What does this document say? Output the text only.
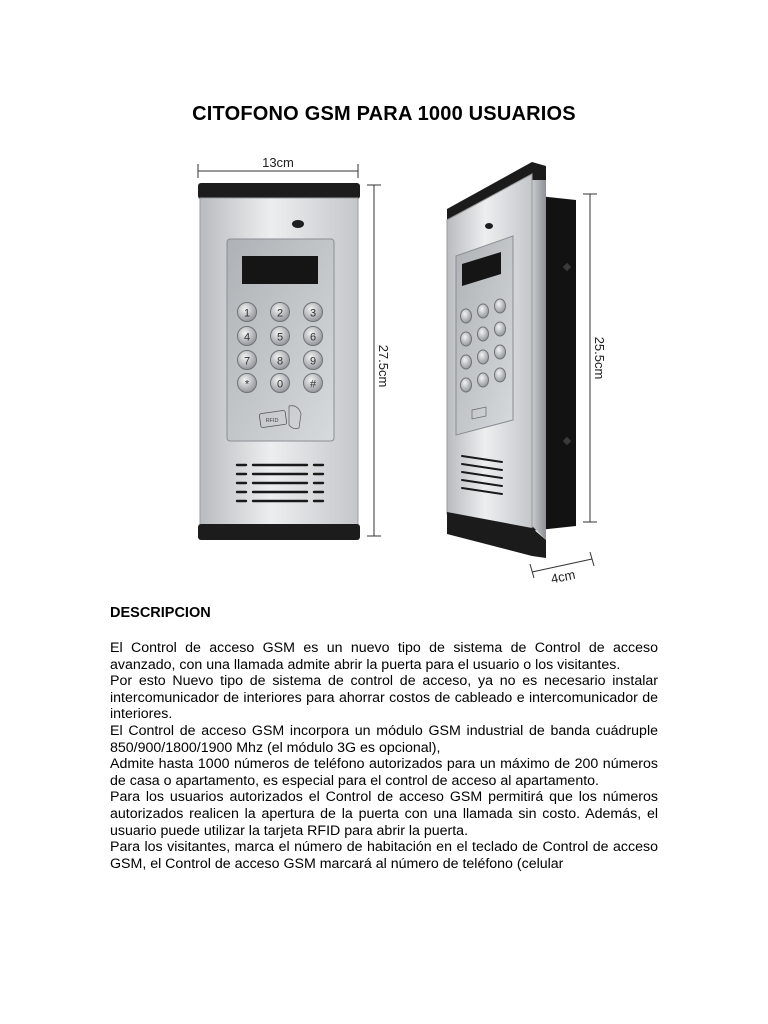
CITOFONO GSM PARA 1000 USUARIOS
13cm
1 2 3
4 5 6
7 8 9
*	0 #
RFID
27.5cm	25.5cm
4cm
DESCRIPCION

El Control de acceso GSM es un nuevo tipo de sistema de Control de acceso avanzado, con una llamada admite abrir la puerta para el usuario o los visitantes.

Por esto Nuevo tipo de sistema de control de acceso, ya no es necesario instalar intercomunicador de interiores para ahorrar costos de cableado e intercomunicador de interiores.

El Control de acceso GSM incorpora un módulo GSM industrial de banda cuádruple 850/900/1800/1900 Mhz (el módulo 3G es opcional),

Admite hasta 1000 números de teléfono autorizados para un máximo de 200 números de casa o apartamento, es especial para el control de acceso al apartamento.

Para los usuarios autorizados el Control de acceso GSM permitirá que los números autorizados realicen la apertura de la puerta con una llamada sin costo. Además, el usuario puede utilizar la tarjeta RFID para abrir la puerta.

Para los visitantes, marca el número de habitación en el teclado de Control de acceso GSM, el Control de acceso GSM marcará al número de teléfono (celular
